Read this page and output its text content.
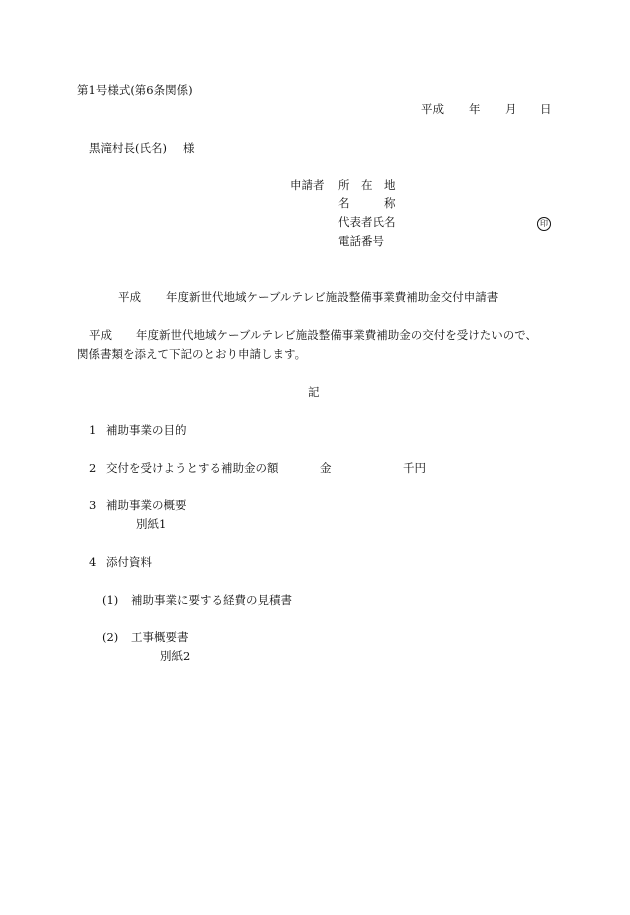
第1号様式(第6条関係)
平成 年 月 日
黒滝村長(氏名) 様
申請者 所　在　地
名　　　称
代表者氏名	印
電話番号
平成 年度新世代地域ケーブルテレビ施設整備事業費補助金交付申請書
平成 年度新世代地域ケーブルテレビ施設整備事業費補助金の交付を受けたいので、
関係書類を添えて下記のとおり申請します。
記
1 補助事業の目的
2 交付を受けようとする補助金の額	金	千円
3 補助事業の概要
別紙1
4 添付資料
(1) 補助事業に要する経費の見積書
(2) 工事概要書
別紙2
